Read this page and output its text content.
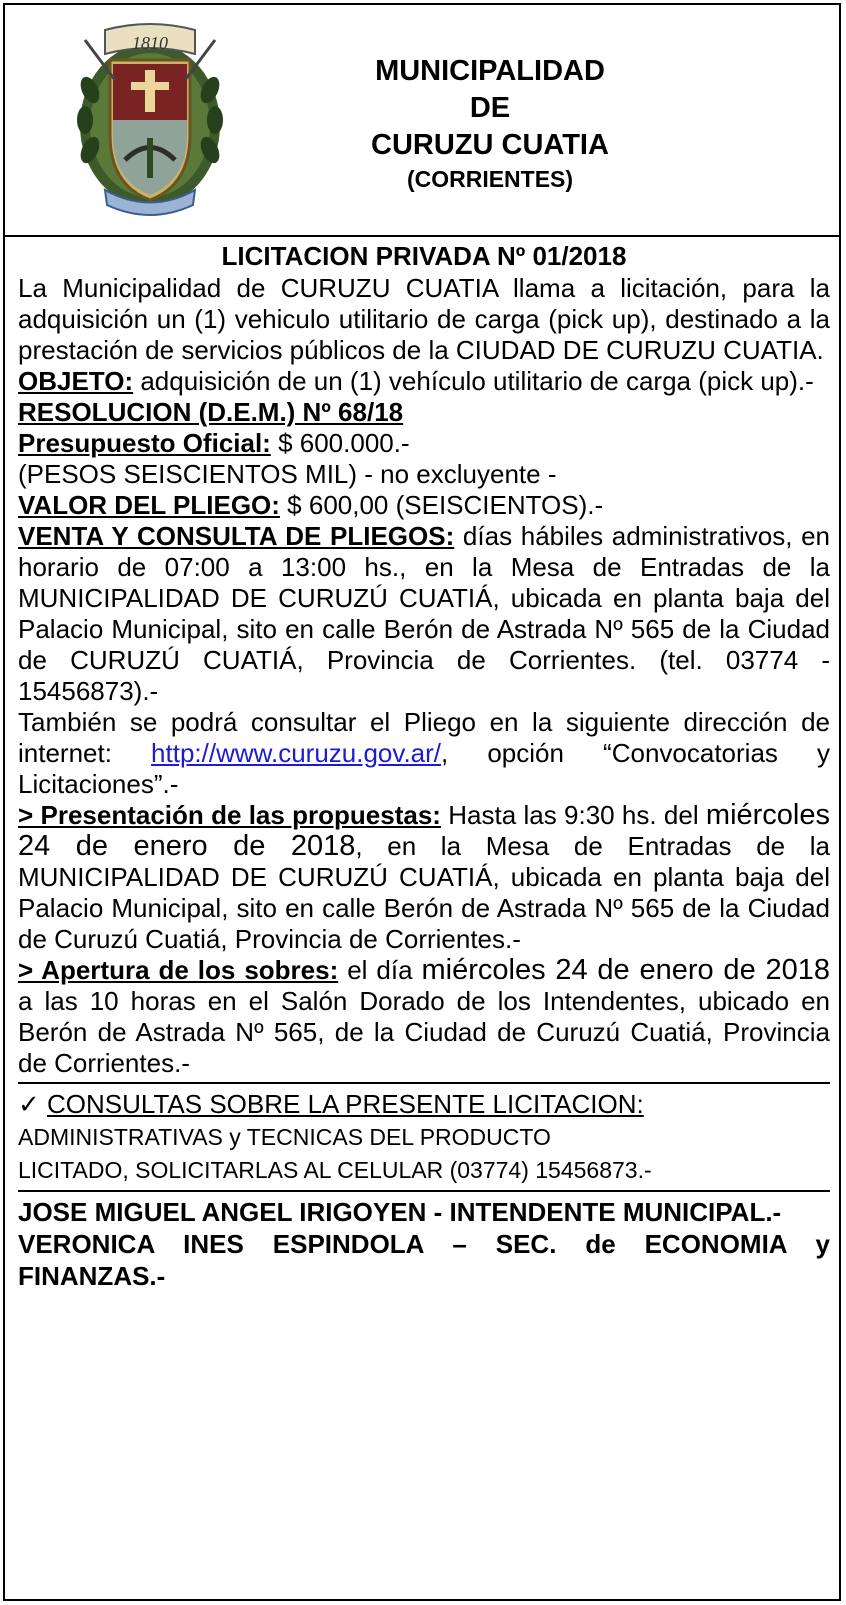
1810
MUNICIPALIDAD
DE
CURUZU CUATIA
(CORRIENTES)
LICITACION PRIVADA Nº 01/2018

La Municipalidad de CURUZU CUATIA llama a licitación, para la adquisición un (1) vehiculo utilitario de carga (pick up), destinado a la prestación de servicios públicos de la CIUDAD DE CURUZU CUATIA.

OBJETO: adquisición de un (1) vehículo utilitario de carga (pick up).-

RESOLUCION (D.E.M.) Nº 68/18

Presupuesto Oficial: $ 600.000.-

(PESOS SEISCIENTOS MIL) - no excluyente -

VALOR DEL PLIEGO: $ 600,00 (SEISCIENTOS).-

VENTA Y CONSULTA DE PLIEGOS: días hábiles administrativos, en horario de 07:00 a 13:00 hs., en la Mesa de Entradas de la MUNICIPALIDAD DE CURUZÚ CUATIÁ, ubicada en planta baja del Palacio Municipal, sito en calle Berón de Astrada Nº 565 de la Ciudad de CURUZÚ CUATIÁ, Provincia de Corrientes. (tel. 03774 - 15456873).-

También se podrá consultar el Pliego en la siguiente dirección de internet: http://www.curuzu.gov.ar/, opción “Convocatorias y Licitaciones”.-

> Presentación de las propuestas: Hasta las 9:30 hs. del miércoles 24 de enero de 2018, en la Mesa de Entradas de la MUNICIPALIDAD DE CURUZÚ CUATIÁ, ubicada en planta baja del Palacio Municipal, sito en calle Berón de Astrada Nº 565 de la Ciudad de Curuzú Cuatiá, Provincia de Corrientes.-

> Apertura de los sobres: el día miércoles 24 de enero de 2018 a las 10 horas en el Salón Dorado de los Intendentes, ubicado en Berón de Astrada Nº 565, de la Ciudad de Curuzú Cuatiá, Provincia de Corrientes.-

✓ CONSULTAS SOBRE LA PRESENTE LICITACION:
ADMINISTRATIVAS y TECNICAS DEL PRODUCTO
LICITADO, SOLICITARLAS AL CELULAR (03774) 15456873.-

JOSE MIGUEL ANGEL IRIGOYEN - INTENDENTE MUNICIPAL.-

VERONICA INES ESPINDOLA – SEC. de ECONOMIA y FINANZAS.-
